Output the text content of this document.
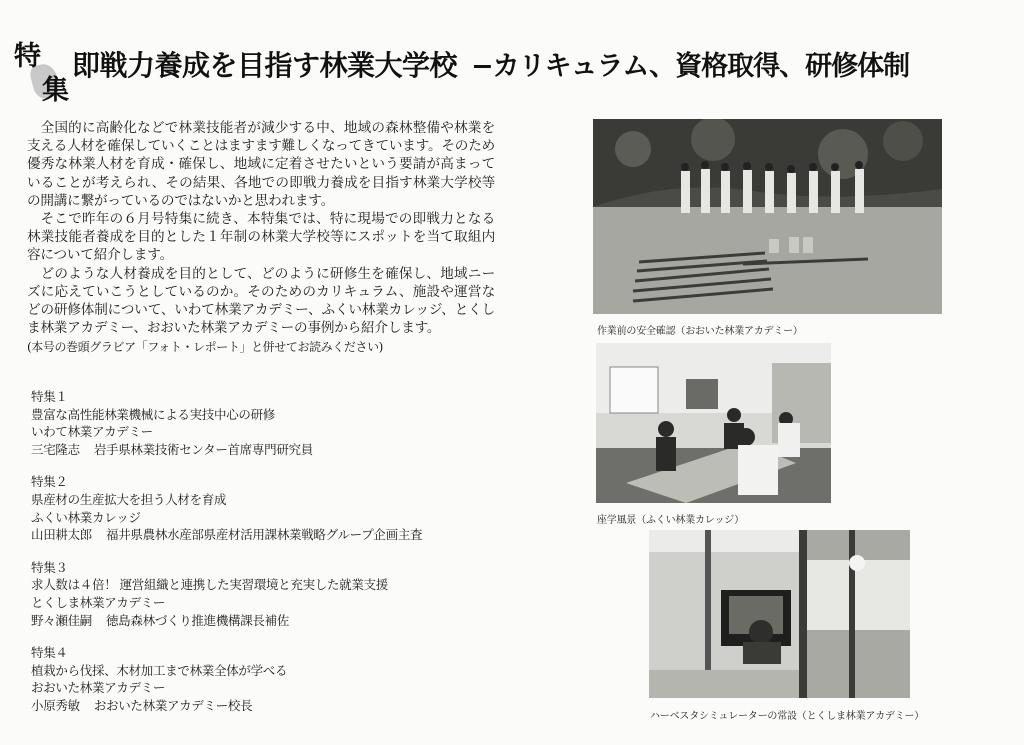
特
集
即戦力養成を目指す林業大学校 −カリキュラム、資格取得、研修体制

全国的に高齢化などで林業技能者が減少する中、地域の森林整備や林業を支える人材を確保していくことはますます難しくなってきています。そのため優秀な林業人材を育成・確保し、地域に定着させたいという要請が高まっていることが考えられ、その結果、各地での即戦力養成を目指す林業大学校等の開講に繋がっているのではないかと思われます。

そこで昨年の６月号特集に続き、本特集では、特に現場での即戦力となる林業技能者養成を目的とした１年制の林業大学校等にスポットを当て取組内容について紹介します。

どのような人材養成を目的として、どのように研修生を確保し、地域ニーズに応えていこうとしているのか。そのためのカリキュラム、施設や運営などの研修体制について、いわて林業アカデミー、ふくい林業カレッジ、とくしま林業アカデミー、おおいた林業アカデミーの事例から紹介します。

(本号の巻頭グラビア「フォト・レポート」と併せてお読みください)

特集１
豊富な高性能林業機械による実技中心の研修
いわて林業アカデミー
三宅隆志 岩手県林業技術センター首席専門研究員
特集２
県産材の生産拡大を担う人材を育成
ふくい林業カレッジ
山田耕太郎 福井県農林水産部県産材活用課林業戦略グループ企画主査
特集３
求人数は４倍！ 運営組織と連携した実習環境と充実した就業支援
とくしま林業アカデミー
野々瀬佳嗣 徳島森林づくり推進機構課長補佐
特集４
植栽から伐採、木材加工まで林業全体が学べる
おおいた林業アカデミー
小原秀敏 おおいた林業アカデミー校長
作業前の安全確認（おおいた林業アカデミー）
座学風景（ふくい林業カレッジ）
ハーベスタシミュレーターの常設（とくしま林業アカデミー）
